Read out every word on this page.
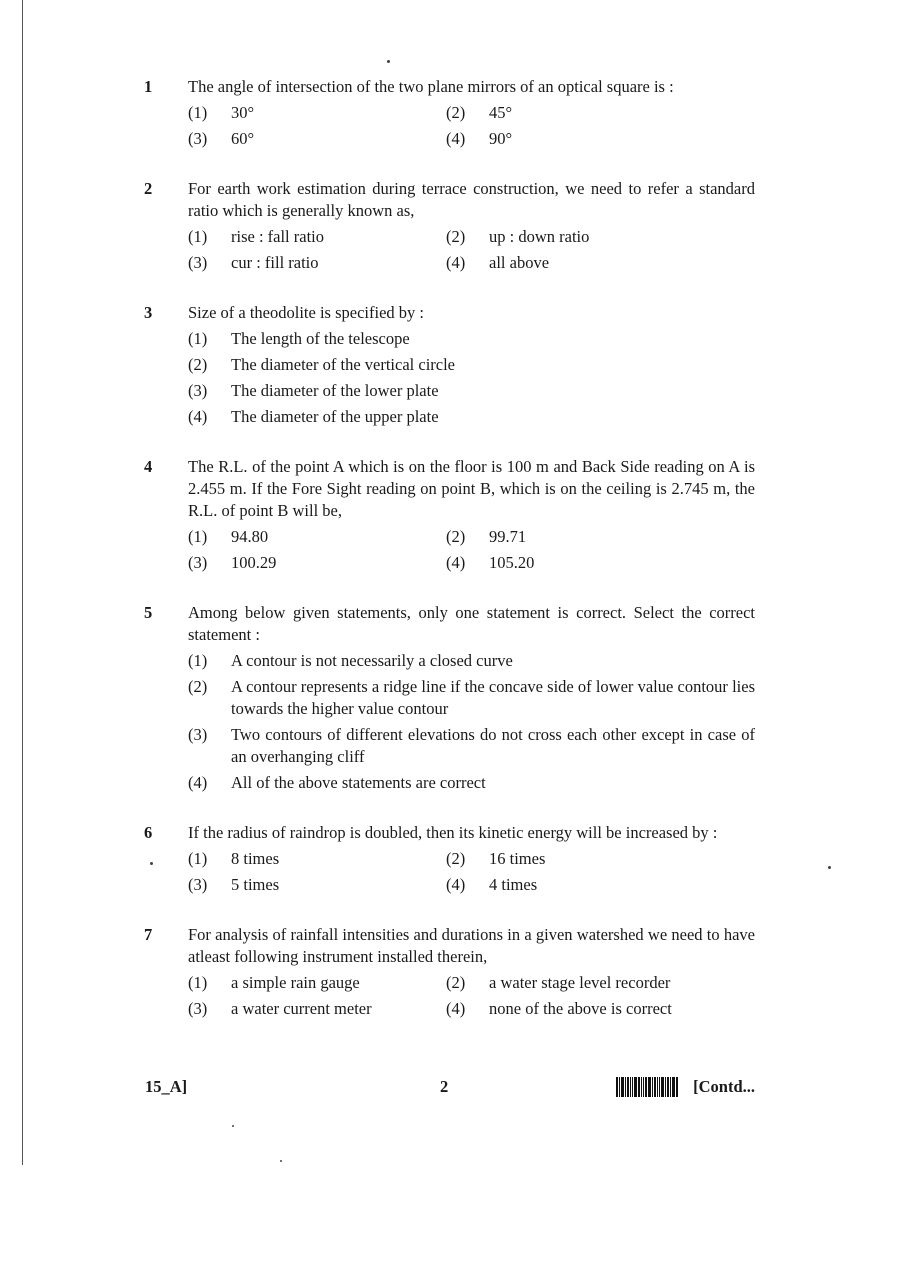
1	The angle of intersection of the two plane mirrors of an optical square is :
(1)	30°	(2)	45°
(3)	60°	(4)	90°
2	For earth work estimation during terrace construction, we need to refer a standard ratio which is generally known as,
(1)	rise : fall ratio	(2)	up : down ratio
(3)	cur : fill ratio	(4)	all above
3	Size of a theodolite is specified by :
(1)	The length of the telescope
(2)	The diameter of the vertical circle
(3)	The diameter of the lower plate
(4)	The diameter of the upper plate
4	The R.L. of the point A which is on the floor is 100 m and Back Side reading on A is 2.455 m. If the Fore Sight reading on point B, which is on the ceiling is 2.745 m, the R.L. of point B will be,
(1)	94.80	(2)	99.71
(3)	100.29	(4)	105.20
5	Among below given statements, only one statement is correct. Select the correct statement :
(1)	A contour is not necessarily a closed curve
(2)	A contour represents a ridge line if the concave side of lower value contour lies towards the higher value contour
(3)	Two contours of different elevations do not cross each other except in case of an overhanging cliff
(4)	All of the above statements are correct
6	If the radius of raindrop is doubled, then its kinetic energy will be increased by :
(1)	8 times	(2)	16 times
(3)	5 times	(4)	4 times
7	For analysis of rainfall intensities and durations in a given watershed we need to have atleast following instrument installed therein,
(1)	a simple rain gauge	(2)	a water stage level recorder
(3)	a water current meter	(4)	none of the above is correct
15_A]	2	[Contd...
